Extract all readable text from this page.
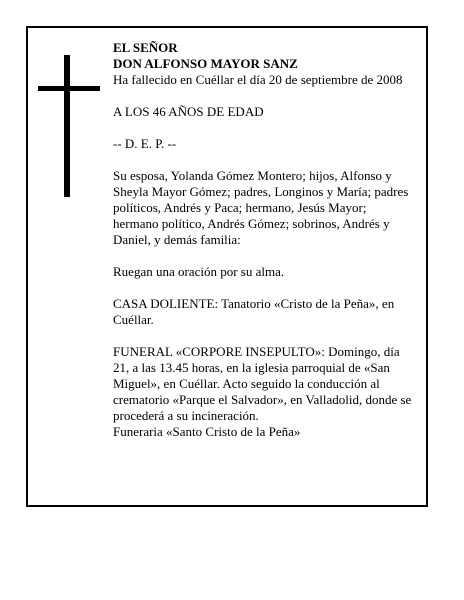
EL SEÑOR

DON ALFONSO MAYOR SANZ

Ha fallecido en Cuéllar el día 20 de septiembre de 2008

A LOS 46 AÑOS DE EDAD

-- D. E. P. --

Su esposa, Yolanda Gómez Montero; hijos, Alfonso y Sheyla Mayor Gómez; padres, Longinos y María; padres políticos, Andrés y Paca; hermano, Jesús Mayor; hermano político, Andrés Gómez; sobrinos, Andrés y Daniel, y demás familia:

Ruegan una oración por su alma.

CASA DOLIENTE: Tanatorio «Cristo de la Peña», en Cuéllar.

FUNERAL «CORPORE INSEPULTO»: Domingo, día 21, a las 13.45 horas, en la iglesia parroquial de «San Miguel», en Cuéllar. Acto seguido la conducción al crematorio «Parque el Salvador», en Valladolid, donde se procederá a su incineración.

Funeraria «Santo Cristo de la Peña»
